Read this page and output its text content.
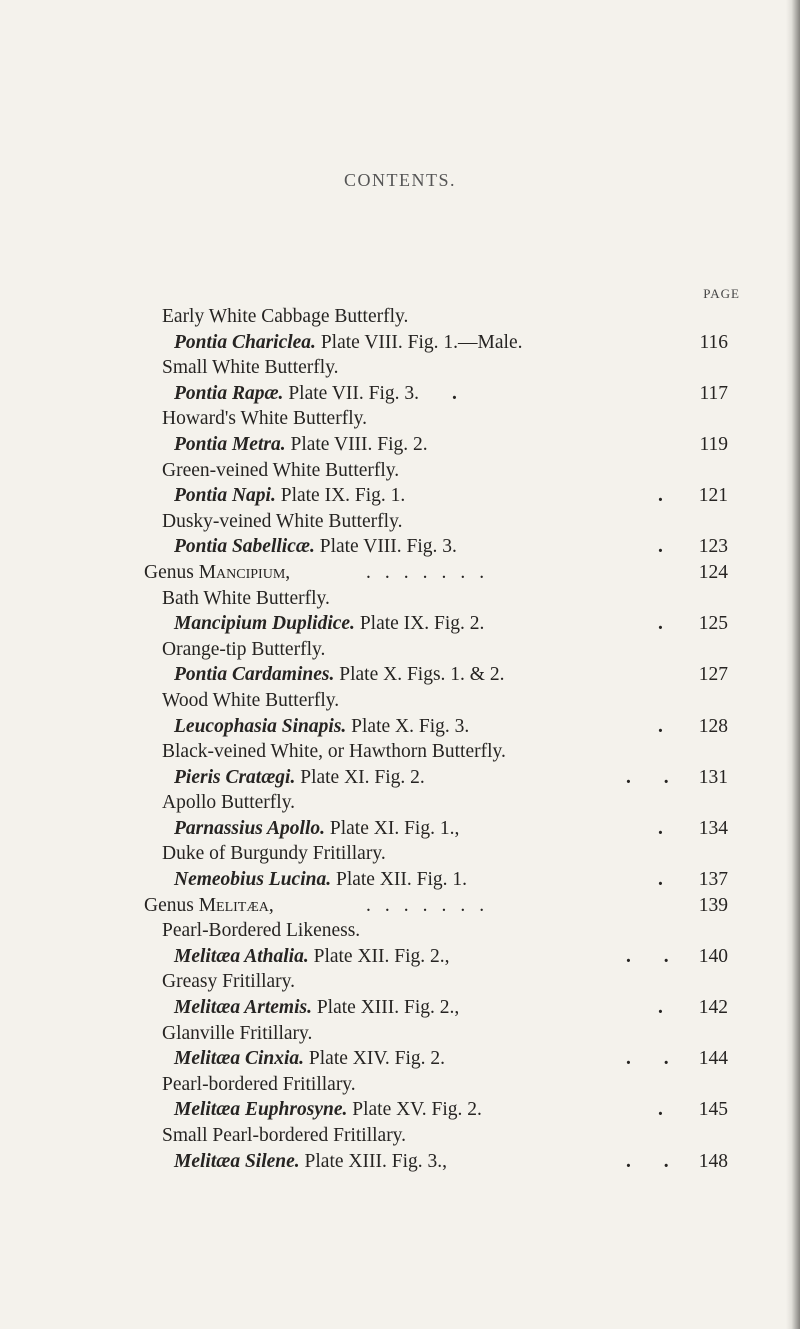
CONTENTS.
PAGE
Early White Cabbage Butterfly.
Pontia Chariclea. Plate VIII. Fig. 1.—Male.	116
Small White Butterfly.
Pontia Rapæ. Plate VII. Fig. 3. .	117
Howard's White Butterfly.
Pontia Metra. Plate VIII. Fig. 2.	119
Green-veined White Butterfly.
Pontia Napi. Plate IX. Fig. 1.	.	121
Dusky-veined White Butterfly.
Pontia Sabellicæ. Plate VIII. Fig. 3.	.	123
Genus Mancipium,	.......	124
Bath White Butterfly.
Mancipium Duplidice. Plate IX. Fig. 2.	.	125
Orange-tip Butterfly.
Pontia Cardamines. Plate X. Figs. 1. & 2.	127
Wood White Butterfly.
Leucophasia Sinapis. Plate X. Fig. 3.	.	128
Black-veined White, or Hawthorn Butterfly.
Pieris Cratægi. Plate XI. Fig. 2.	. . 131
Apollo Butterfly.
Parnassius Apollo. Plate XI. Fig. 1.,	.	134
Duke of Burgundy Fritillary.
Nemeobius Lucina. Plate XII. Fig. 1.	.	137
Genus Melitæa,	.......	139
Pearl-Bordered Likeness.
Melitæa Athalia. Plate XII. Fig. 2.,	. . 140
Greasy Fritillary.
Melitæa Artemis. Plate XIII. Fig. 2.,	.	142
Glanville Fritillary.
Melitæa Cinxia. Plate XIV. Fig. 2.	. . 144
Pearl-bordered Fritillary.
Melitæa Euphrosyne. Plate XV. Fig. 2.	.	145
Small Pearl-bordered Fritillary.
Melitæa Silene. Plate XIII. Fig. 3.,	. . 148
